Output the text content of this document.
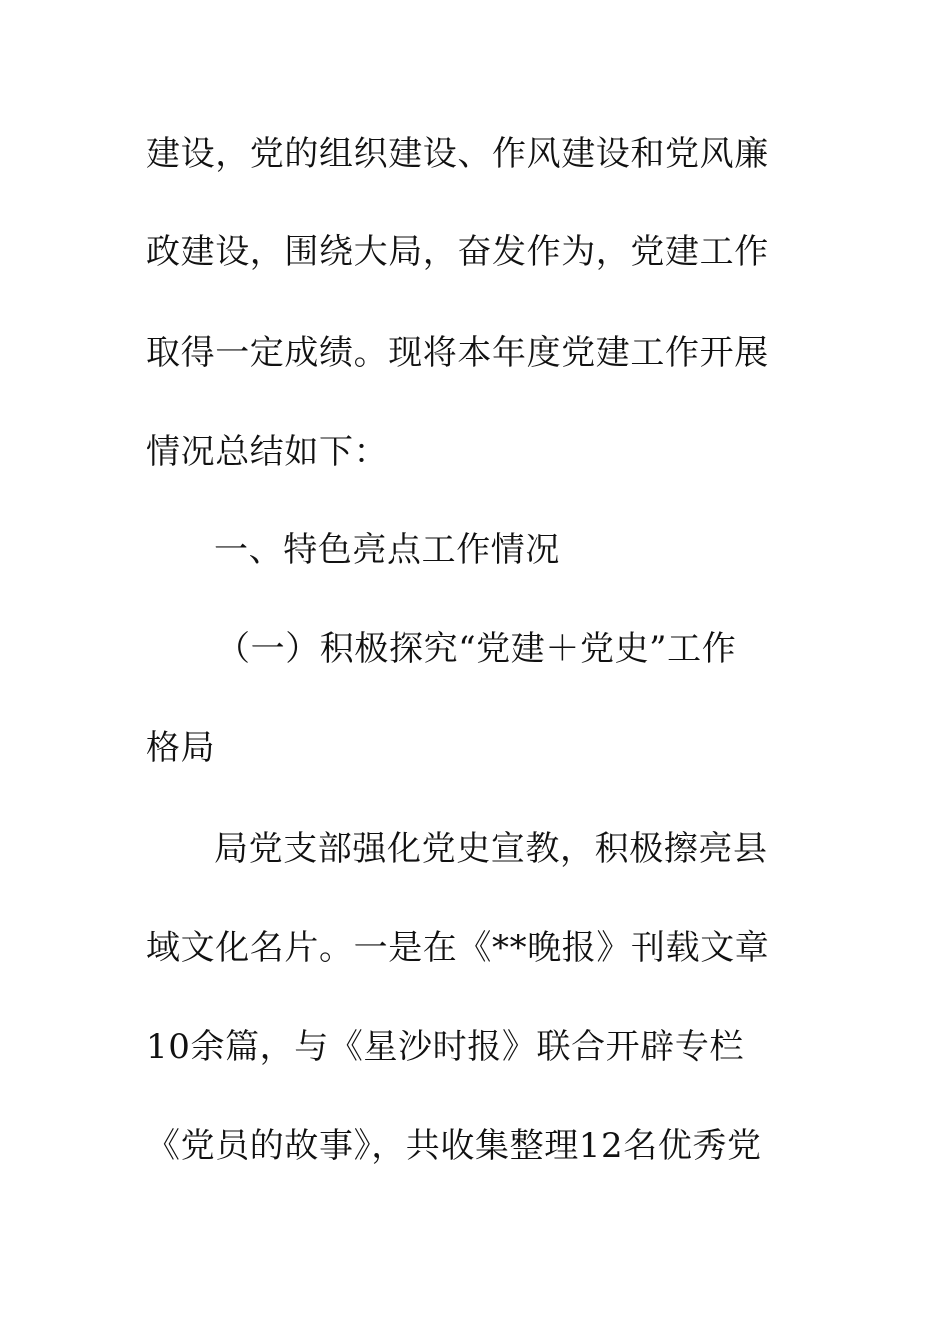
建设，党的组织建设、作风建设和党风廉
政建设，围绕大局，奋发作为，党建工作
取得一定成绩。现将本年度党建工作开展
情况总结如下：
一、特色亮点工作情况
（一）积极探究“党建＋党史”工作
格局
局党支部强化党史宣教，积极擦亮县
域文化名片。一是在《**晚报》刊载文章
10余篇，与《星沙时报》联合开辟专栏
《党员的故事》，共收集整理12名优秀党
